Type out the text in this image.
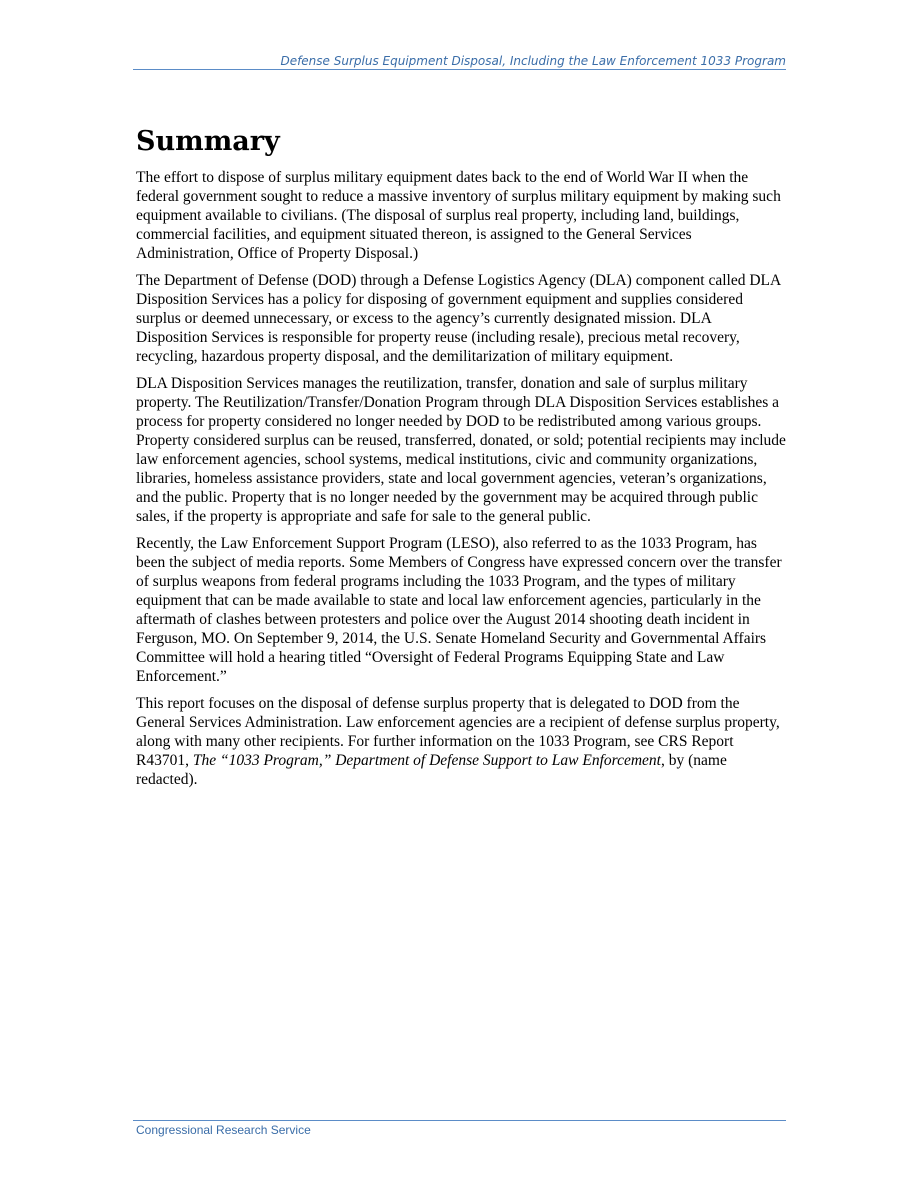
Defense Surplus Equipment Disposal, Including the Law Enforcement 1033 Program
Summary

The effort to dispose of surplus military equipment dates back to the end of World War II when the federal government sought to reduce a massive inventory of surplus military equipment by making such equipment available to civilians. (The disposal of surplus real property, including land, buildings, commercial facilities, and equipment situated thereon, is assigned to the General Services Administration, Office of Property Disposal.)

The Department of Defense (DOD) through a Defense Logistics Agency (DLA) component called DLA Disposition Services has a policy for disposing of government equipment and supplies considered surplus or deemed unnecessary, or excess to the agency’s currently designated mission. DLA Disposition Services is responsible for property reuse (including resale), precious metal recovery, recycling, hazardous property disposal, and the demilitarization of military equipment.

DLA Disposition Services manages the reutilization, transfer, donation and sale of surplus military property. The Reutilization/Transfer/Donation Program through DLA Disposition Services establishes a process for property considered no longer needed by DOD to be redistributed among various groups. Property considered surplus can be reused, transferred, donated, or sold; potential recipients may include law enforcement agencies, school systems, medical institutions, civic and community organizations, libraries, homeless assistance providers, state and local government agencies, veteran’s organizations, and the public. Property that is no longer needed by the government may be acquired through public sales, if the property is appropriate and safe for sale to the general public.

Recently, the Law Enforcement Support Program (LESO), also referred to as the 1033 Program, has been the subject of media reports. Some Members of Congress have expressed concern over the transfer of surplus weapons from federal programs including the 1033 Program, and the types of military equipment that can be made available to state and local law enforcement agencies, particularly in the aftermath of clashes between protesters and police over the August 2014 shooting death incident in Ferguson, MO. On September 9, 2014, the U.S. Senate Homeland Security and Governmental Affairs Committee will hold a hearing titled “Oversight of Federal Programs Equipping State and Law Enforcement.”

This report focuses on the disposal of defense surplus property that is delegated to DOD from the General Services Administration. Law enforcement agencies are a recipient of defense surplus property, along with many other recipients. For further information on the 1033 Program, see CRS Report R43701, The “1033 Program,” Department of Defense Support to Law Enforcement, by (name redacted).

Congressional Research Service
